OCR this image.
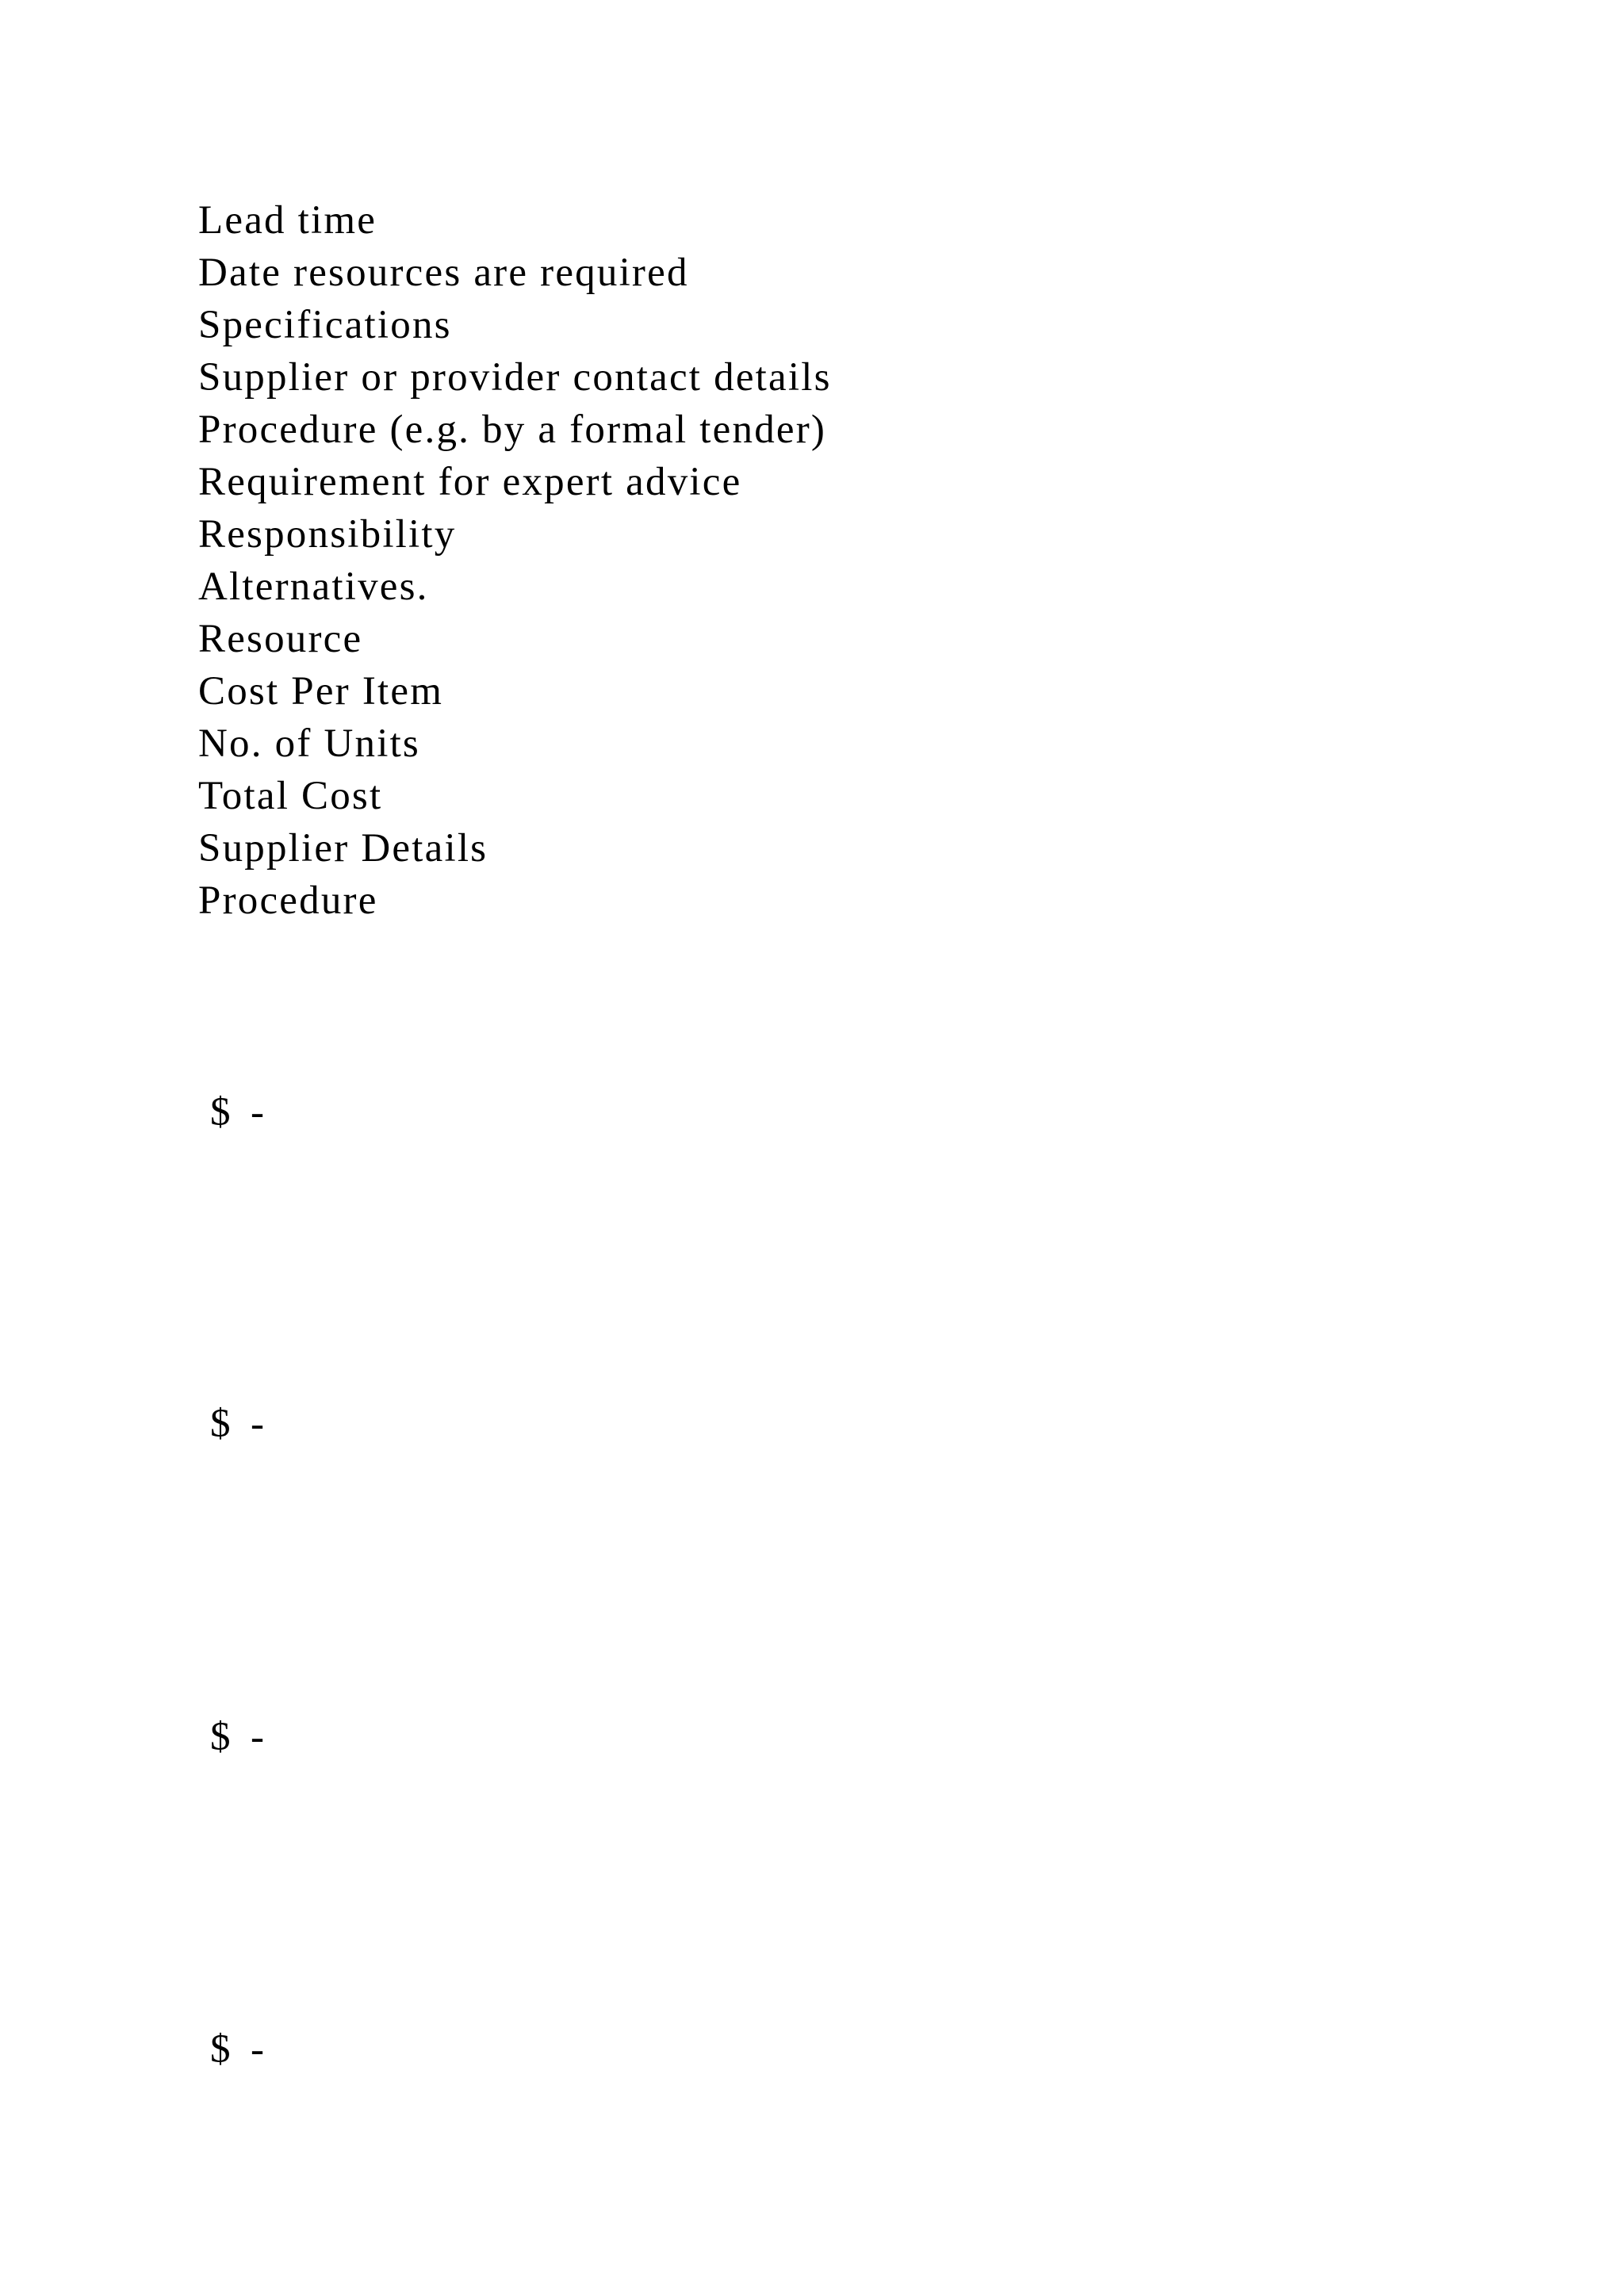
Lead time
Date resources are required
Specifications
Supplier or provider contact details
Procedure (e.g. by a formal tender)
Requirement for expert advice
Responsibility
Alternatives.
Resource
Cost Per Item
No. of Units
Total Cost
Supplier Details
Procedure
$  -
$  -
$  -
$  -
